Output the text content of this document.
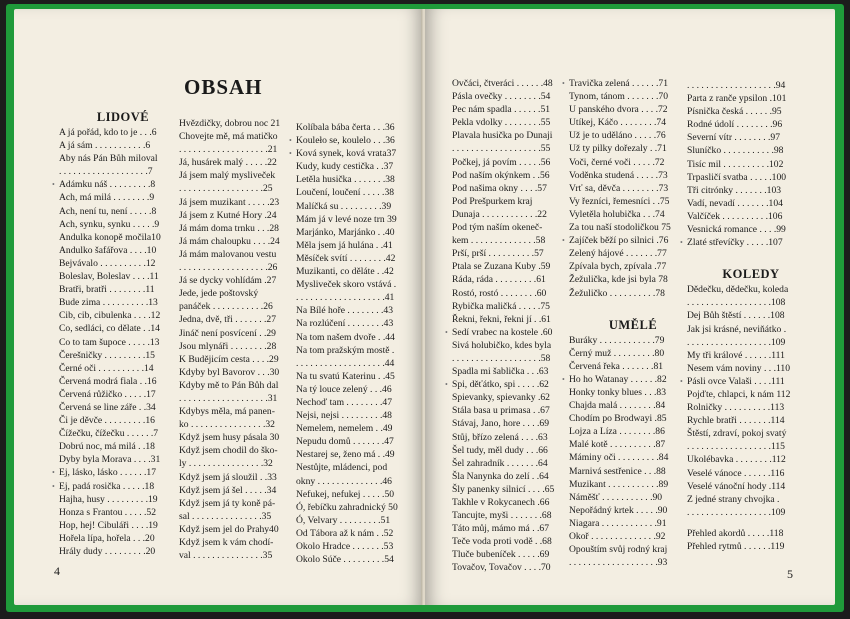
OBSAH
LIDOVÉ
A já pořád, kdo to je . . .6
A já sám . . . . . . . . . . .6
Aby nás Pán Bůh miloval
. . . . . . . . . . . . . . . . . . .7
• Adámku náš . . . . . . . . .8
Ach, má milá . . . . . . . .9
Ach, není tu, není . . . . .8
Ach, synku, synku . . . . .9
Andulka konopě močila10
Andulko šafářova . . . .10
Bejvávalo . . . . . . . . . .12
Boleslav, Boleslav . . . .11
Bratři, bratři . . . . . . . .11
Bude zima . . . . . . . . . .13
Cib, cib, cibulenka . . . .12
Co, sedláci, co dělate . .14
Co to tam šupoce . . . . .13
Čerešničky . . . . . . . . .15
Černé oči . . . . . . . . . .14
Červená modrá fiala . .16
Červená růžičko . . . . .17
Červená se line záře . .34
Či je děvče . . . . . . . . .16
Čížečku, čížečku . . . . . .7
Dobrú noc, má milá . .18
Dyby byla Morava . . . .31
• Ej, lásko, lásko . . . . . .17
• Ej, padá rosička . . . . .18
Hajha, husy . . . . . . . . .19
Honza s Frantou . . . . .52
Hop, hej! Cibuláři . . . .19
Hořela lípa, hořela . . .20
Hrály dudy . . . . . . . . .20
Hvězdičky, dobrou noc 21
Chovejte mě, má matičko
. . . . . . . . . . . . . . . . . . .21
Já, husárek malý . . . . .22
Já jsem malý myslivеček
. . . . . . . . . . . . . . . . . .25
Já jsem muzikant . . . . .23
Já jsem z Kutné Hory .24
Já mám doma trnku . . .28
Já mám chaloupku . . . .24
Já mám malovanou vestu
. . . . . . . . . . . . . . . . . . .26
Já se dycky vohlídám .27
Jede, jede poštovský
panáček . . . . . . . . . . .26
Jedna, dvě, tři . . . . . . .27
Jináč není posvícení . .29
Jsou mlynáři . . . . . . . .28
K Budějicím cesta . . . .29
Kdyby byl Bavorov . . .30
Kdyby mě to Pán Bůh dal
. . . . . . . . . . . . . . . . . . .31
Kdybys měla, má panen-
ko . . . . . . . . . . . . . . . .32
Když jsem husy pásala 30
Když jsem chodil do ško-
ly . . . . . . . . . . . . . . . .32
Když jsem já sloužil . .33
Když jsem já šel . . . . .34
Když jsem já ty koně pá-
sal . . . . . . . . . . . . . . .35
Když jsem jel do Prahy40
Když jsem k vám chodí-
val . . . . . . . . . . . . . . .35
Kolíbala bába čerta . . .36
• Kouleło se, koulelo . . .36
• Ková synek, ková vrata37
Kudy, kudy cestička . .37
Letěla husička . . . . . . .38
Loučení, loučení . . . . .38
Malíčká su . . . . . . . . .39
Mám já v levé noze trn 39
Marjánko, Marjánko . .40
Měla jsem já hulána . .41
Měsíček svítí . . . . . . . .42
Muzikanti, co děláte . .42
Mysliveček skoro vstává .
. . . . . . . . . . . . . . . . . . .41
Na Bílé hoře . . . . . . . .43
Na rozlúčení . . . . . . . .43
Na tom našem dvoře . .44
Na tom pražským mostě .
. . . . . . . . . . . . . . . . . . .44
Na tu svatú Katerinu . .45
Na tý louce zelený . . .46
Nechoď tam . . . . . . . .47
Nejsi, nejsi . . . . . . . . .48
Nemelem, nemelem . .49
Nepudu domů . . . . . . .47
Nestarej se, ženo má . .49
Nestůjte, mládenci, pod
okny . . . . . . . . . . . . . .46
Nefukej, nefukej . . . . .50
Ó, řebíčku zahradnický 50
Ó, Velvary . . . . . . . . .51
Od Tábora až k nám . .52
Okolo Hradce . . . . . . .53
Okolo Súče . . . . . . . . .54
4
Ovčáci, čtveráci . . . . . .48
Pásla ovečky . . . . . . . .54
Pec nám spadla . . . . . .51
Pekla vdolky . . . . . . . .55
Plavala husička po Dunaji
. . . . . . . . . . . . . . . . . . .55
Počkej, já povím . . . . .56
Pod naším okýnkem . .56
Pod našima okny . . . .57
Pod Prešpurkem kraj
Dunaja . . . . . . . . . . . .22
Pod tým naším okeneč-
kem . . . . . . . . . . . . . .58
Prší, prší . . . . . . . . . .57
Ptala se Zuzana Kuby .59
Ráda, ráda . . . . . . . . .61
Rostó, rostó . . . . . . . .60
Rybička maličká . . . . .75
Řekni, řekni, řekni jí . .61
• Sedí vrabec na kostele .60
Sivá holubičko, kdes byla
. . . . . . . . . . . . . . . . . . .58
Spadla mi šablička . . .63
• Spi, děťátko, spi . . . . .62
Spievanky, spievanky .62
Stála basa u primasa . .67
Stávaj, Jano, hore . . . .69
Stůj, břízo zelená . . . .63
Šel tudy, měl dudy . . .66
Šel zahradník . . . . . . .64
Šla Nanynka do zelí . .64
Šly panenky silnicí . . . .65
Takhle v Rokycanech .66
Tancujte, myši . . . . . . .68
Táto můj, mámo má . .67
Teče voda proti vodě . .68
Tluče bubeníček . . . . .69
Tovačov, Tovačov . . . .70
• Travička zelená . . . . . .71
Tynom, tánom . . . . . . .70
U panského dvora . . . .72
Utíkej, Káčo . . . . . . . .74
Už je to uděláno . . . . .76
Už ty pilky dořezaly . .71
Voči, černé voči . . . . .72
Voděnka studená . . . . .73
Vrť sa, děvča . . . . . . . .73
Vy řezníci, řemesníci . .75
Vyletěla holubička . . .74
Za tou naší stodoličkou 75
• Zajíček běží po silnici .76
Zelený hájové . . . . . . .77
Zpívala bych, zpívala .77
Žežulička, kde jsi byla 78
Žežuličko . . . . . . . . . .78
UMĚLÉ
Buráky . . . . . . . . . . . .79
Černý muž . . . . . . . . .80
Červená řeka . . . . . . .81
• Ho ho Watanay . . . . . .82
Honky tonky blues . . .83
Chajda malá . . . . . . . .84
Chodím po Brodwayi .85
Lojza a Líza . . . . . . . .86
Malé kotě . . . . . . . . . .87
Máminy oči . . . . . . . . .84
Marnivá sestřenice . . .88
Muzikant . . . . . . . . . . .89
Náměšť . . . . . . . . . . .90
Nepořádný krtek . . . . .90
Niagara . . . . . . . . . . . .91
Okoř . . . . . . . . . . . . . .92
Opouštím svůj rodný kraj
. . . . . . . . . . . . . . . . . . .93
. . . . . . . . . . . . . . . . . . .94
Parta z ranče ypsilon .101
Písnička česká . . . . . .95
Rodné údolí . . . . . . . .96
Severní vítr . . . . . . . .97
Sluníčko . . . . . . . . . . .98
Tisíc mil . . . . . . . . . .102
Trpasličí svatba . . . . .100
Tři citrónky . . . . . . .103
Vadí, nevadí . . . . . . .104
Valčíček . . . . . . . . . .106
Vesnická romance . . . .99
• Zlaté střevíčky . . . . .107
KOLEDY
Dědečku, dědečku, koleda
. . . . . . . . . . . . . . . . . .108
Dej Bůh štěstí . . . . . .108
Jak jsi krásné, neviňátko .
. . . . . . . . . . . . . . . . . .109
My tři králové . . . . . .111
Nesem vám noviny . . .110
• Pásli ovce Valaši . . . .111
Pojďte, chlapci, k nám 112
Rolničky . . . . . . . . . .113
Rychle bratři . . . . . . .114
Štěstí, zdraví, pokoj svatý
. . . . . . . . . . . . . . . . . .115
Ukolébavka . . . . . . . .112
Veselé vánoce . . . . . .116
Veselé vánoční hody .114
Z jedné strany chvojka .
. . . . . . . . . . . . . . . . . .109
Přehled akordů . . . . .118
Přehled rytmů . . . . . .119
5
